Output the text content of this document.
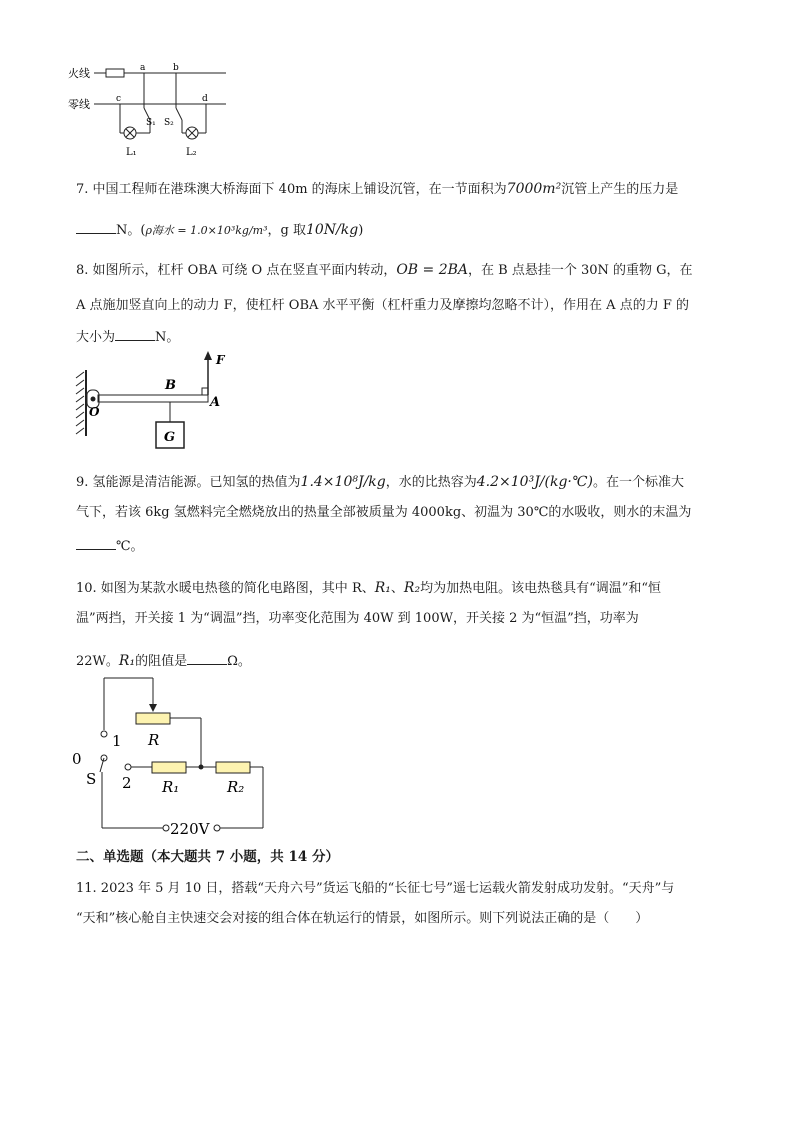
火线
零线
a	b
c	d
S₁
L₁
S₂
L₂
7. 中国工程师在港珠澳大桥海面下 40m 的海床上铺设沉管，在一节面积为7000m²沉管上产生的压力是
N。(ρ海水 = 1.0×10³kg/m³，g 取10N/kg)
8. 如图所示，杠杆 OBA 可绕 O 点在竖直平面内转动，OB = 2BA，在 B 点悬挂一个 30N 的重物 G，在
A 点施加竖直向上的动力 F，使杠杆 OBA 水平平衡（杠杆重力及摩擦均忽略不计），作用在 A 点的力 F 的
大小为	N。
O
B
A
F
G
9. 氢能源是清洁能源。已知氢的热值为1.4×10⁸J/kg，水的比热容为4.2×10³J/(kg·℃)。在一个标准大
气下，若该 6kg 氢燃料完全燃烧放出的热量全部被质量为 4000kg、初温为 30℃的水吸收，则水的末温为
℃。
10. 如图为某款水暖电热毯的简化电路图，其中 R、R₁、R₂均为加热电阻。该电热毯具有“调温”和“恒
温”两挡，开关接 1 为“调温”挡，功率变化范围为 40W 到 100W，开关接 2 为“恒温”挡，功率为
22W。R₁的阻值是	Ω。
R
1
0
S 2 R₁	R₂
220V
二、单选题（本大题共 7 小题，共 14 分）
11. 2023 年 5 月 10 日，搭载“天舟六号”货运飞船的“长征七号”遥七运载火箭发射成功发射。“天舟”与
“天和”核心舱自主快速交会对接的组合体在轨运行的情景，如图所示。则下列说法正确的是（　　）
